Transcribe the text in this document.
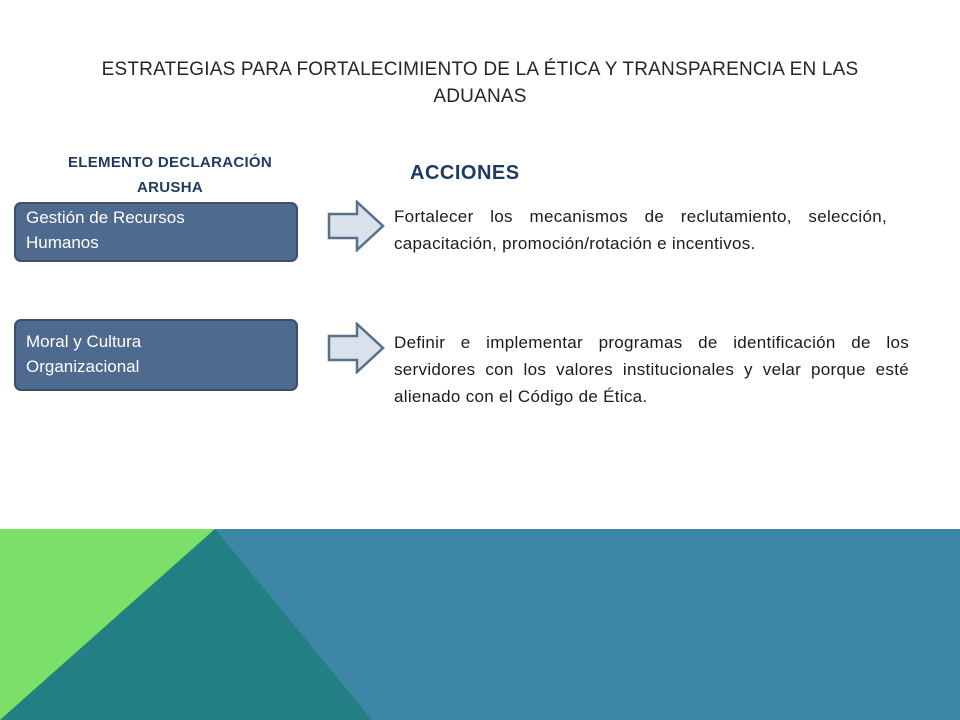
ESTRATEGIAS PARA FORTALECIMIENTO DE LA ÉTICA Y TRANSPARENCIA EN LAS
ADUANAS
ELEMENTO DECLARACIÓN
ARUSHA
ACCIONES
Gestión de Recursos
Humanos
Fortalecer los mecanismos de reclutamiento, selección, capacitación, promoción/rotación e incentivos.
Moral y Cultura
Organizacional
Definir e implementar programas de identificación de los servidores con los valores institucionales y velar porque esté alienado con el Código de Ética.
